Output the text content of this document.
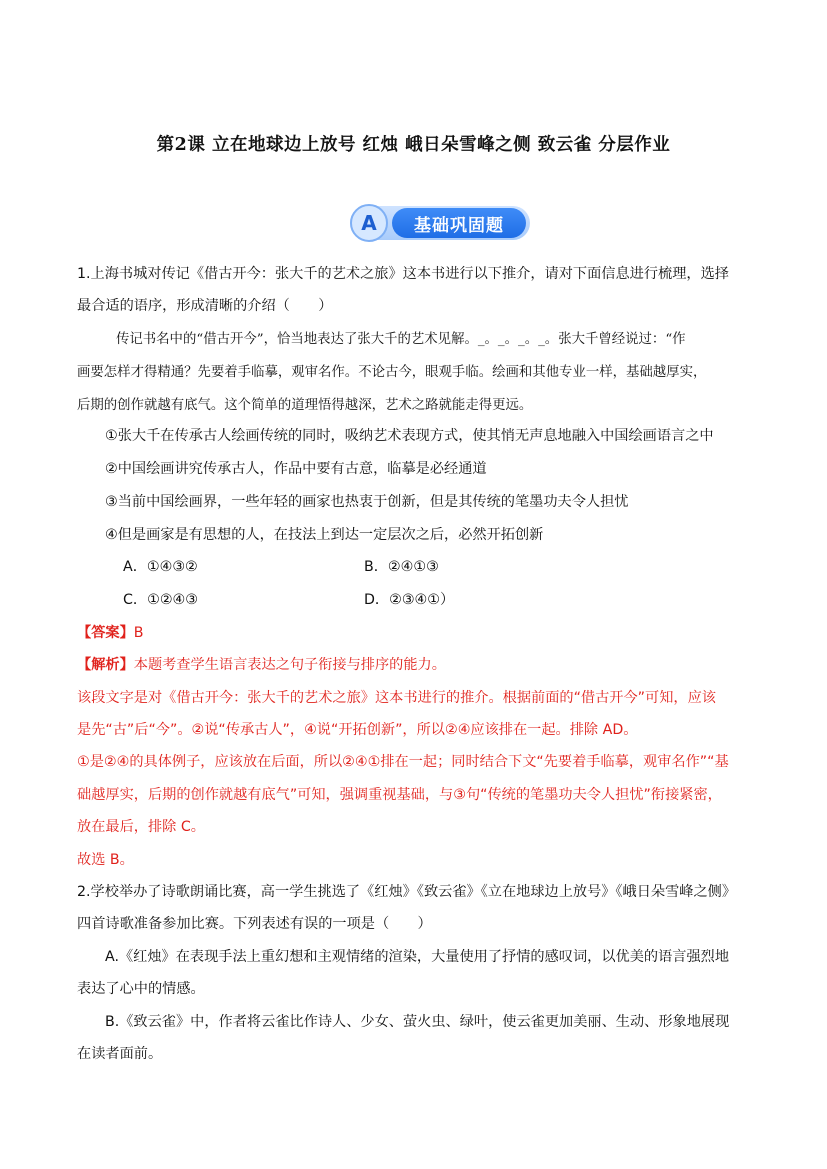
第2课 立在地球边上放号 红烛 峨日朵雪峰之侧 致云雀 分层作业
A	基础巩固题
1.上海书城对传记《借古开今：张大千的艺术之旅》这本书进行以下推介，请对下面信息进行梳理，选择
最合适的语序，形成清晰的介绍（　　）
传记书名中的“借古开今”，恰当地表达了张大千的艺术见解。_。_。_。_。张大千曾经说过：“作
画要怎样才得精通？先要着手临摹，观审名作。不论古今，眼观手临。绘画和其他专业一样，基础越厚实，
后期的创作就越有底气。这个简单的道理悟得越深，艺术之路就能走得更远。
①张大千在传承古人绘画传统的同时，吸纳艺术表现方式，使其悄无声息地融入中国绘画语言之中
②中国绘画讲究传承古人，作品中要有古意，临摹是必经通道
③当前中国绘画界，一些年轻的画家也热衷于创新，但是其传统的笔墨功夫令人担忧
④但是画家是有思想的人，在技法上到达一定层次之后，必然开拓创新
A．①④③②	B．②④①③
C．①②④③	D．②③④①）
【答案】B
【解析】本题考查学生语言表达之句子衔接与排序的能力。
该段文字是对《借古开今：张大千的艺术之旅》这本书进行的推介。根据前面的“借古开今”可知，应该
是先“古”后“今”。②说“传承古人”，④说“开拓创新”，所以②④应该排在一起。排除 AD。
①是②④的具体例子，应该放在后面，所以②④①排在一起；同时结合下文“先要着手临摹，观审名作”“基
础越厚实，后期的创作就越有底气”可知，强调重视基础，与③句“传统的笔墨功夫令人担忧”衔接紧密，
放在最后，排除 C。
故选 B。
2.学校举办了诗歌朗诵比赛，高一学生挑选了《红烛》《致云雀》《立在地球边上放号》《峨日朵雪峰之侧》
四首诗歌准备参加比赛。下列表述有误的一项是（　　）
A.《红烛》在表现手法上重幻想和主观情绪的渲染，大量使用了抒情的感叹词，以优美的语言强烈地
表达了心中的情感。
B.《致云雀》中，作者将云雀比作诗人、少女、萤火虫、绿叶，使云雀更加美丽、生动、形象地展现
在读者面前。
